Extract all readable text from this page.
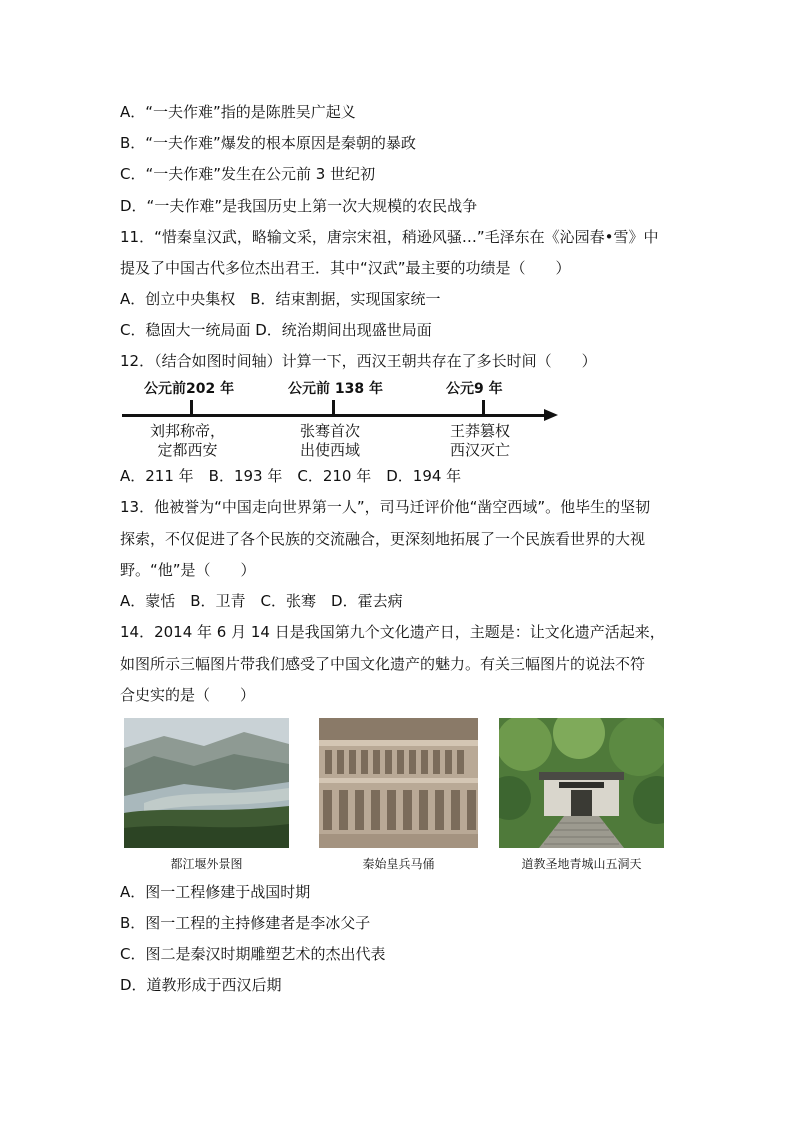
A．“一夫作难”指的是陈胜吴广起义
B．“一夫作难”爆发的根本原因是秦朝的暴政
C．“一夫作难”发生在公元前 3 世纪初
D．“一夫作难”是我国历史上第一次大规模的农民战争
11．“惜秦皇汉武，略输文采，唐宗宋祖，稍逊风骚…”毛泽东在《沁园春•雪》中
提及了中国古代多位杰出君王．其中“汉武”最主要的功绩是（　　）
A．创立中央集权　B．结束割据，实现国家统一
C．稳固大一统局面 D．统治期间出现盛世局面
12．（结合如图时间轴）计算一下，西汉王朝共存在了多长时间（　　）
公元前202 年	公元前 138 年	公元9 年
刘邦称帝，
定都西安
张骞首次
出使西域
王莽篡权
西汉灭亡
A．211 年　B．193 年　C．210 年　D．194 年
13．他被誉为“中国走向世界第一人”，司马迁评价他“凿空西域”。他毕生的坚韧
探索，不仅促进了各个民族的交流融合，更深刻地拓展了一个民族看世界的大视
野。“他”是（　　）
A．蒙恬　B．卫青　C．张骞　D．霍去病
14．2014 年 6 月 14 日是我国第九个文化遗产日，主题是：让文化遗产活起来，
如图所示三幅图片带我们感受了中国文化遗产的魅力。有关三幅图片的说法不符
合史实的是（　　）
都江堰外景图	秦始皇兵马俑	道教圣地青城山五洞天
A．图一工程修建于战国时期
B．图一工程的主持修建者是李冰父子
C．图二是秦汉时期雕塑艺术的杰出代表
D．道教形成于西汉后期
